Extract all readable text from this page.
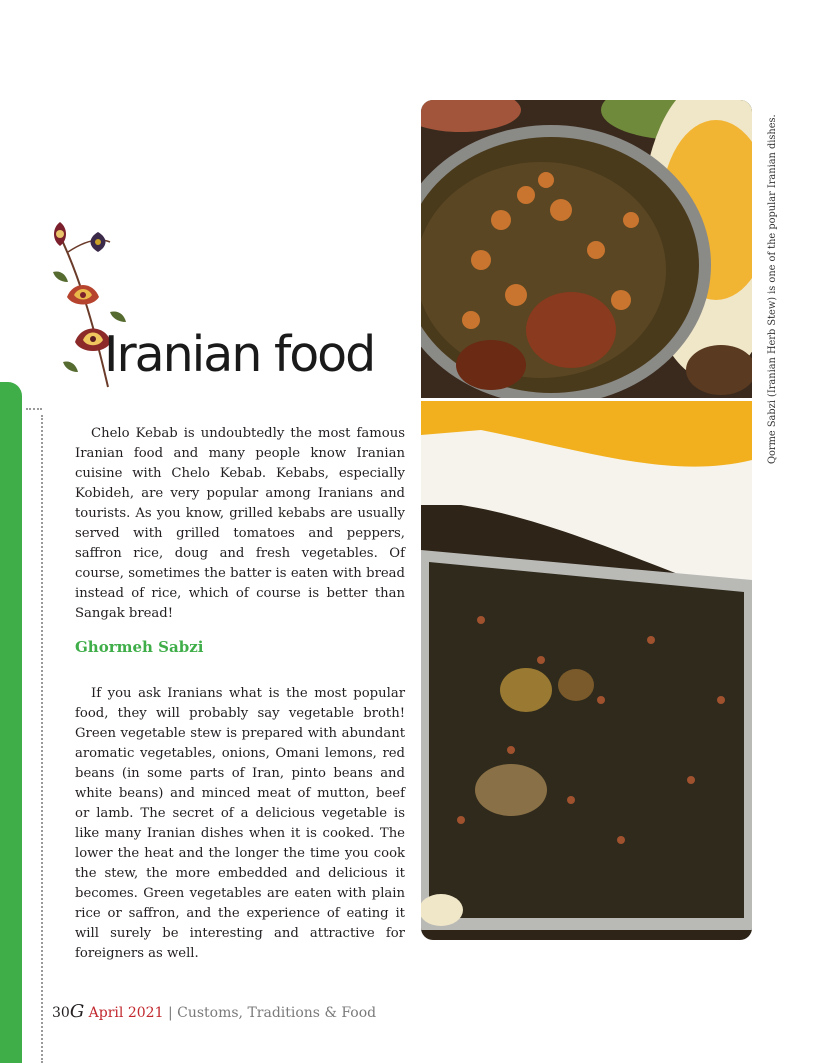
Iranian food

Chelo Kebab is undoubtedly the most famous Iranian food and many people know Iranian cuisine with Chelo Kebab. Kebabs, especially Kobideh, are very popular among Iranians and tourists. As you know, grilled kebabs are usually served with grilled tomatoes and peppers, saffron rice, doug and fresh vegetables. Of course, sometimes the batter is eaten with bread instead of rice, which of course is better than Sangak bread!

Ghormeh Sabzi

If you ask Iranians what is the most popular food, they will probably say vegetable broth! Green vegetable stew is prepared with abundant aromatic vegetables, onions, Omani lemons, red beans (in some parts of Iran, pinto beans and white beans) and minced meat of mutton, beef or lamb. The secret of a delicious vegetable is like many Iranian dishes when it is cooked. The lower the heat and the longer the time you cook the stew, the more embedded and delicious it becomes. Green vegetables are eaten with plain rice or saffron, and the experience of eating it will surely be interesting and attractive for foreigners as well.

Qorme Sabzi (Iranian Herb Stew) is one of the popular Iranian dishes.
30G April 2021 | Customs, Traditions & Food
